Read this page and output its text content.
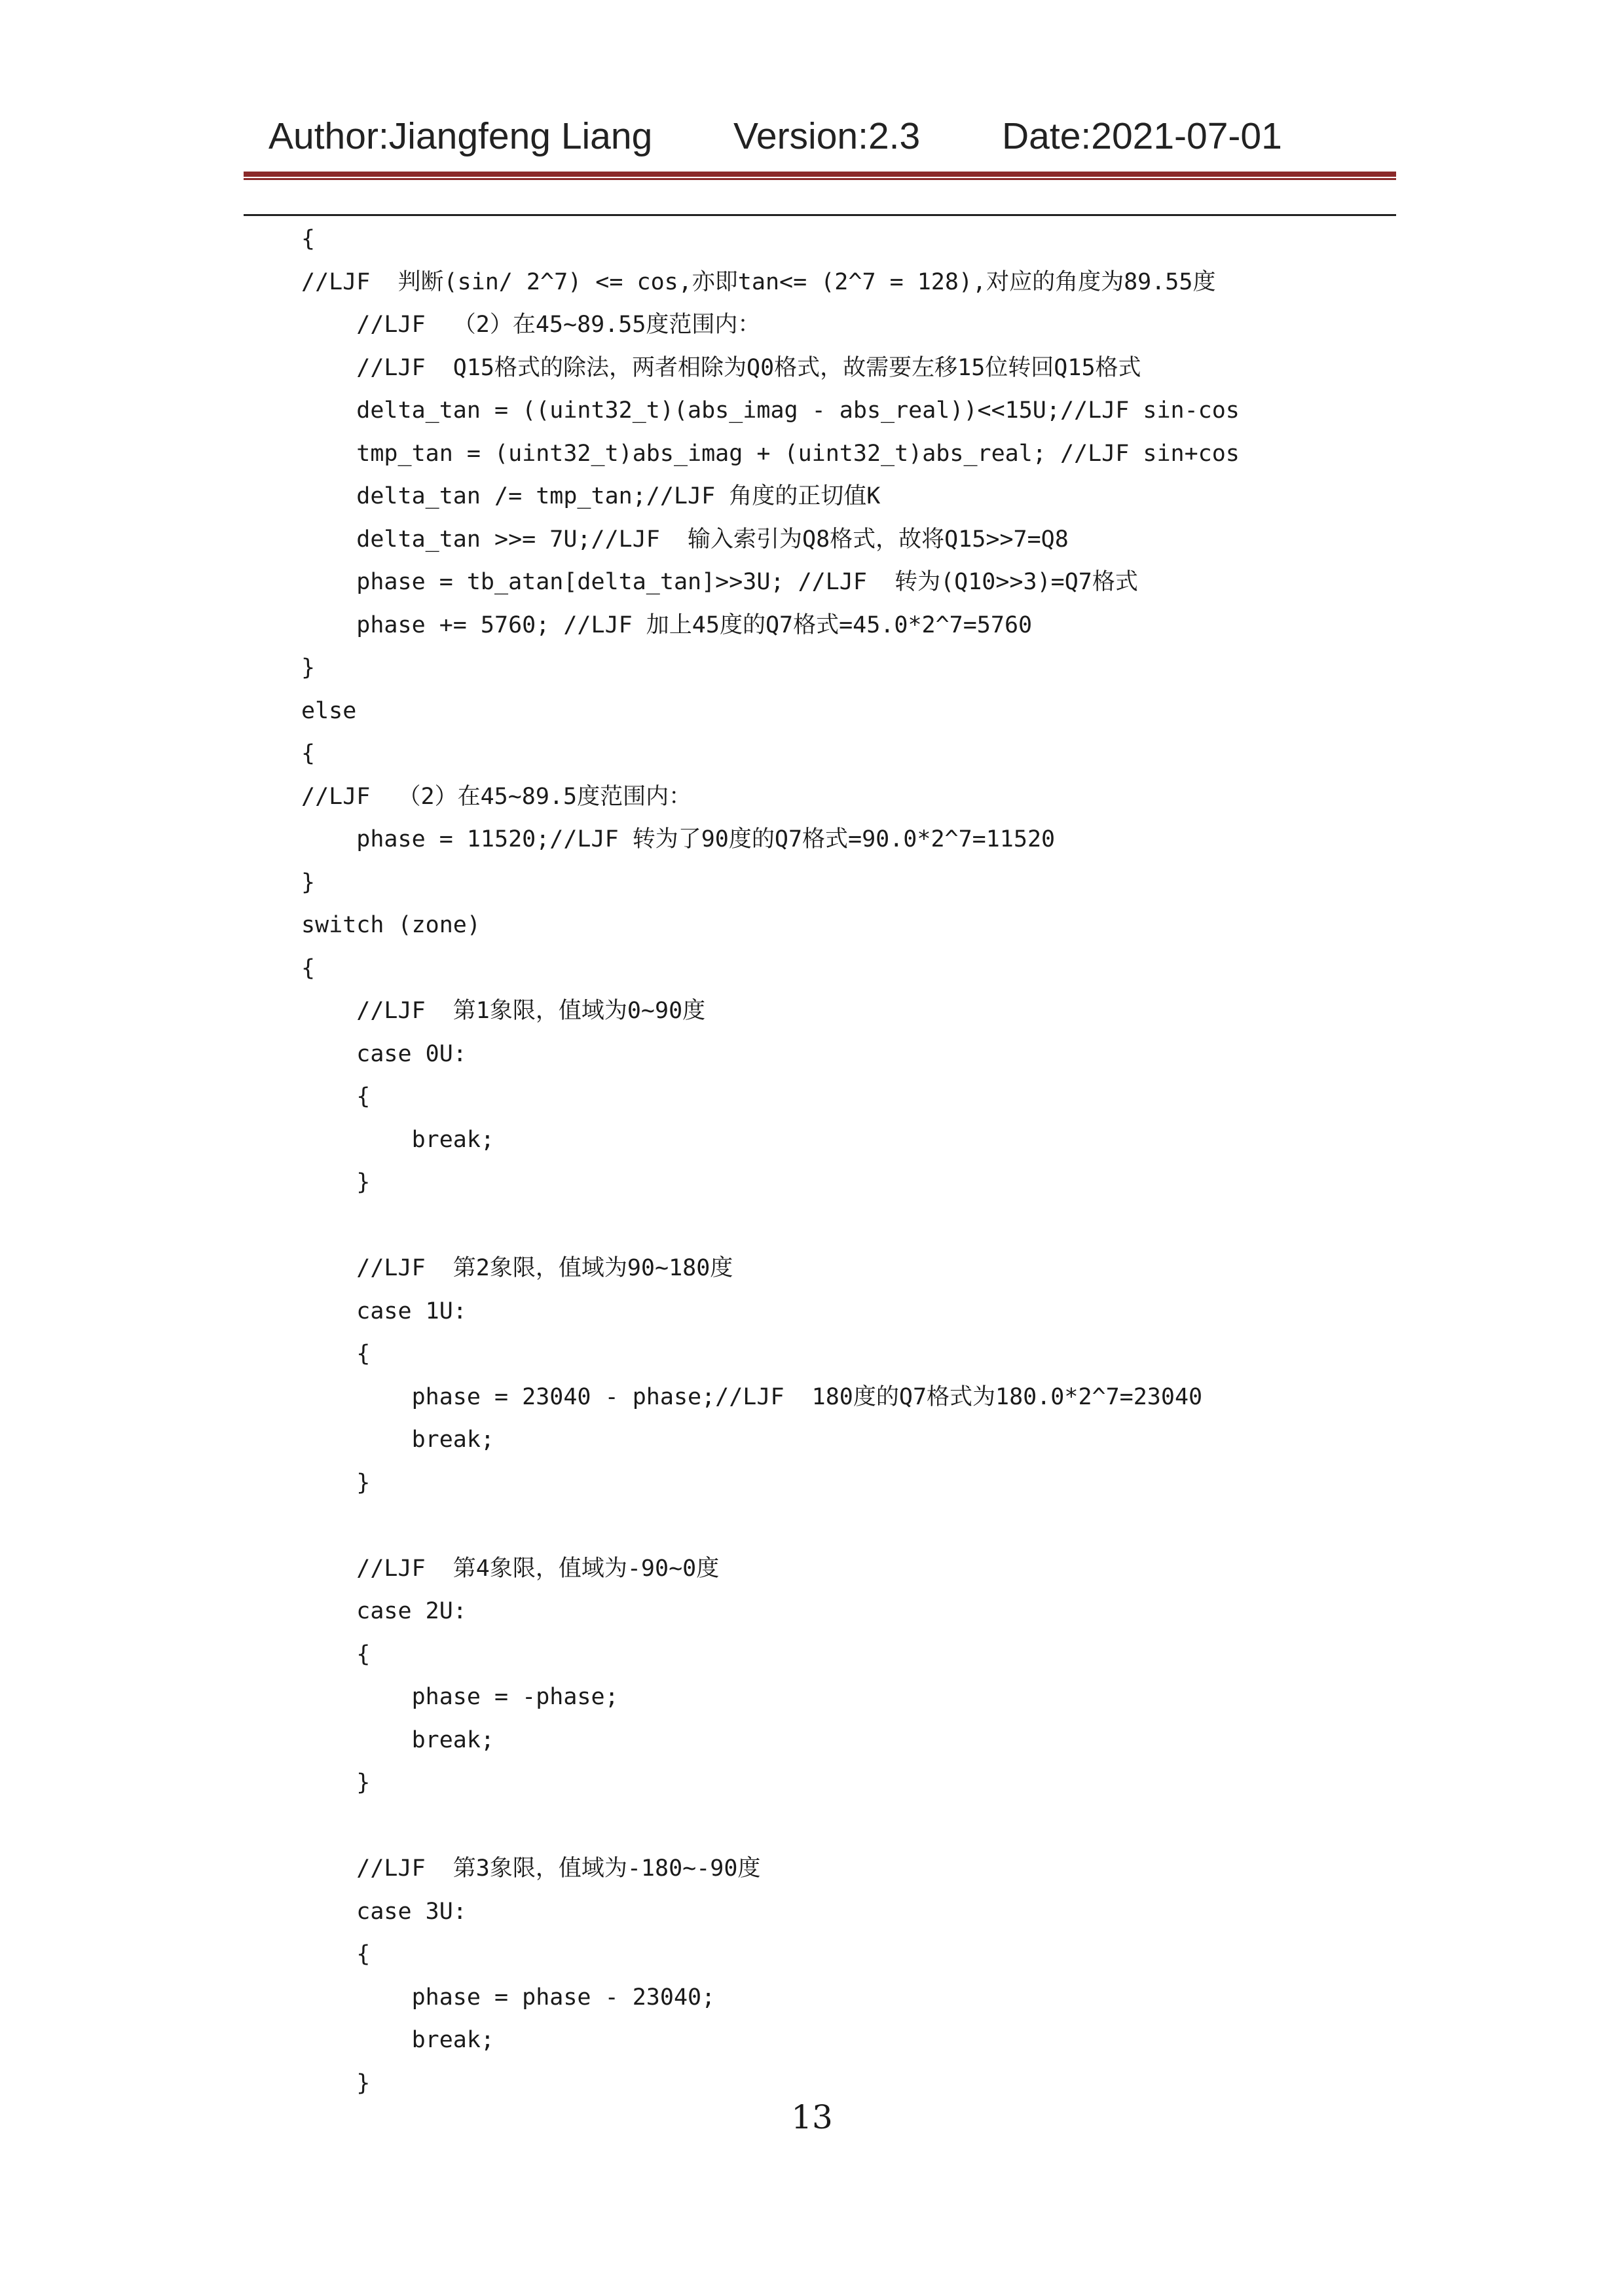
Author:Jiangfeng Liang Version:2.3 Date:2021-07-01
{
//LJF  判断(sin/ 2^7) <= cos,亦即tan<= (2^7 = 128),对应的角度为89.55度
//LJF  （2）在45~89.55度范围内：
//LJF  Q15格式的除法，两者相除为Q0格式，故需要左移15位转回Q15格式
delta_tan = ((uint32_t)(abs_imag - abs_real))<<15U;//LJF sin-cos
tmp_tan = (uint32_t)abs_imag + (uint32_t)abs_real; //LJF sin+cos
delta_tan /= tmp_tan;//LJF 角度的正切值K
delta_tan >>= 7U;//LJF  输入索引为Q8格式，故将Q15>>7=Q8
phase = tb_atan[delta_tan]>>3U; //LJF  转为(Q10>>3)=Q7格式
phase += 5760; //LJF 加上45度的Q7格式=45.0*2^7=5760
}
else
{
//LJF  （2）在45~89.5度范围内：
phase = 11520;//LJF 转为了90度的Q7格式=90.0*2^7=11520
}
switch (zone)
{
//LJF  第1象限，值域为0~90度
case 0U:
{
break;
}
//LJF  第2象限，值域为90~180度
case 1U:
{
phase = 23040 - phase;//LJF  180度的Q7格式为180.0*2^7=23040
break;
}
//LJF  第4象限，值域为-90~0度
case 2U:
{
phase = -phase;
break;
}
//LJF  第3象限，值域为-180~-90度
case 3U:
{
phase = phase - 23040;
break;
}
13
